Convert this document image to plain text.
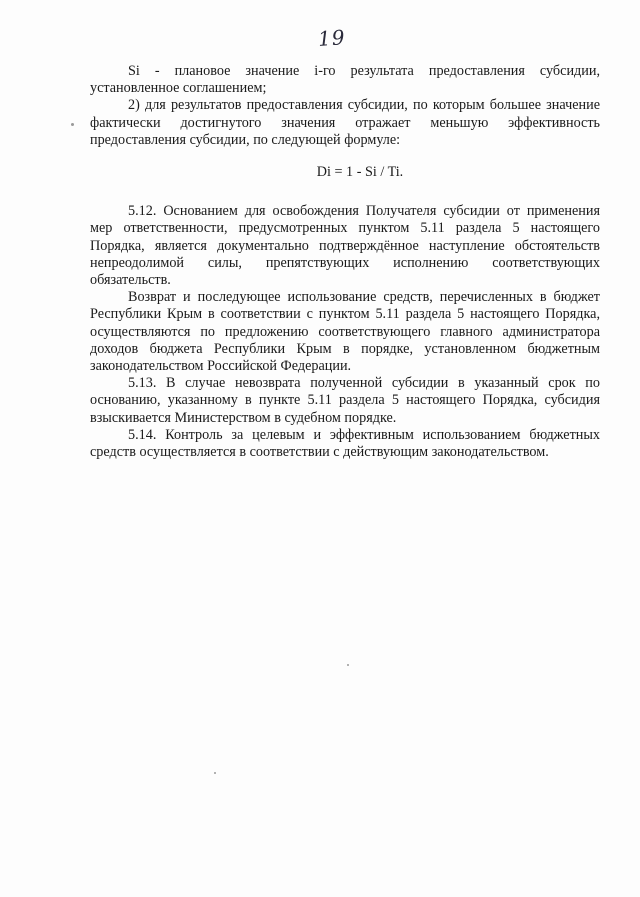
19

Si - плановое значение i-го результата предоставления субсидии, установленное соглашением;

2) для результатов предоставления субсидии, по которым большее значение фактически достигнутого значения отражает меньшую эффективность предоставления субсидии, по следующей формуле:

Di = 1 - Si / Ti.

5.12. Основанием для освобождения Получателя субсидии от применения мер ответственности, предусмотренных пунктом 5.11 раздела 5 настоящего Порядка, является документально подтверждённое наступление обстоятельств непреодолимой силы, препятствующих исполнению соответствующих обязательств.

Возврат и последующее использование средств, перечисленных в бюджет Республики Крым в соответствии с пунктом 5.11 раздела 5 настоящего Порядка, осуществляются по предложению соответствующего главного администратора доходов бюджета Республики Крым в порядке, установленном бюджетным законодательством Российской Федерации.

5.13. В случае невозврата полученной субсидии в указанный срок по основанию, указанному в пункте 5.11 раздела 5 настоящего Порядка, субсидия взыскивается Министерством в судебном порядке.

5.14. Контроль за целевым и эффективным использованием бюджетных средств осуществляется в соответствии с действующим законодательством.
